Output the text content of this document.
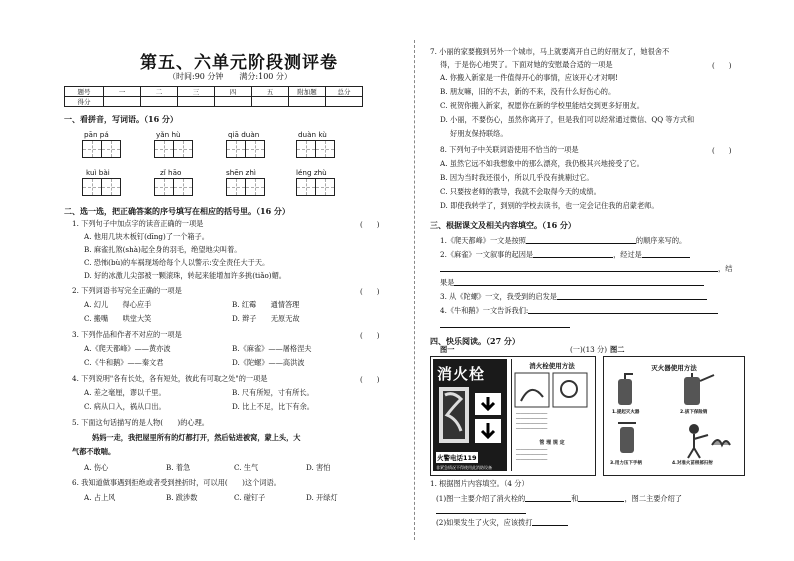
第五、六单元阶段测评卷
（时间:90 分钟　　满分:100 分）
题号	一	二	三	四	五	附加题	总分
得分							
一、看拼音，写词语。（16 分）
pān pá	yǎn hù	qiā duàn	duàn kù
kuì bài	zǐ hāo	shēn zhì	léng zhù
二、选一选，把正确答案的序号填写在相应的括号里。（16 分）
1. 下列句子中加点字的读音正确的一项是	(　　)
A. 他用几块木板钉(dīng)了一个箱子。
B. 麻雀扎煞(shà)起全身的羽毛，绝望地尖叫着。
C. 恐怖(bù)的车祸现场给每个人以警示:安全责任大于天。
D. 好的冰激儿尖部被一颗滚珠，转起来能增加许多挑(tiǎo)媚。
2. 下列词语书写完全正确的一项是	(　　)
A. 幻儿　　得心应手	B. 红霉　　通情答理
C. 搬嘴　　哄堂大笑	D. 辫子　　无原无故
3. 下列作品和作者不对应的一项是	(　　)
A.《爬天都峰》——黄亦波	B.《麻雀》——屠格涅夫
C.《牛和鹅》——秦文君	D.《陀螺》——高洪波
4. 下列说明"各有长处，各有短处，彼此有可取之处"的一项是	(　　)
A. 差之毫厘，谬以千里。	B. 尺有所短，寸有所长。
C. 病从口入，祸从口出。	D. 比上不足，比下有余。
5. 下面这句话描写的是人物(　　)的心理。
妈妈一走，我把屋里所有的灯都打开，然后钻进被窝，蒙上头，大
气都不敢喘。
A. 伤心	B. 着急	C. 生气	D. 害怕
6. 我知道做事遇到拒绝或者受到挫折时，可以用(　　)这个词语。
A. 占上风	B. 跋涉数	C. 碰钉子	D. 开绿灯
7. 小丽的家要搬到另外一个城市，马上就要离开自己的好朋友了，她很舍不
得，于是伤心地哭了。下面对她的安慰最合适的一项是	(　　)
A. 你搬入新家是一件值得开心的事情，应该开心才对啊!
B. 朋友嘛，旧的不去，新的不来，没有什么好伤心的。
C. 祝贺你搬入新家，祝愿你在新的学校里能结交到更多好朋友。
D. 小丽，不要伤心，虽然你离开了，但是我们可以经常通过微信、QQ 等方式和
好朋友保持联络。
8. 下列句子中关联词语使用不恰当的一项是	(　　)
A. 虽然它远不如我想象中的那么漂亮，我仍极其兴地接受了它。
B. 因为当时我还很小，所以几乎没有挑剔过它。
C. 只要按老师的教导，我就不会取得今天的成绩。
D. 即使我转学了，到别的学校去读书，也一定会记住我的启蒙老师。
三、根据课文及相关内容填空。（16 分）
1.《爬天都峰》一文是按照	的顺序来写的。
2.《麻雀》一文叙事的起因是	，经过是
，结
果是
3. 从《陀螺》一文，我受到的启发是
4.《牛和鹅》一文告诉我们:
四、快乐阅读。（27 分）
(一)(13 分)
消火栓
火警电话119
非紧急情况不得使用此消防设备
消火栓使用方法
─────────────
─────────────
─────────────
─────────────
管 理 规 定
─────────────
─────────────
─────────────
灭火器使用方法
1.提起灭火器	2.拔下保险销
3.用力压下手柄	4.对准火苗根部扫射
图一	图二
1. 根据图片内容填空。（4 分）
(1)图一主要介绍了消火栓的	和	，图二主要介绍了
(2)如果发生了火灾，应该拨打
